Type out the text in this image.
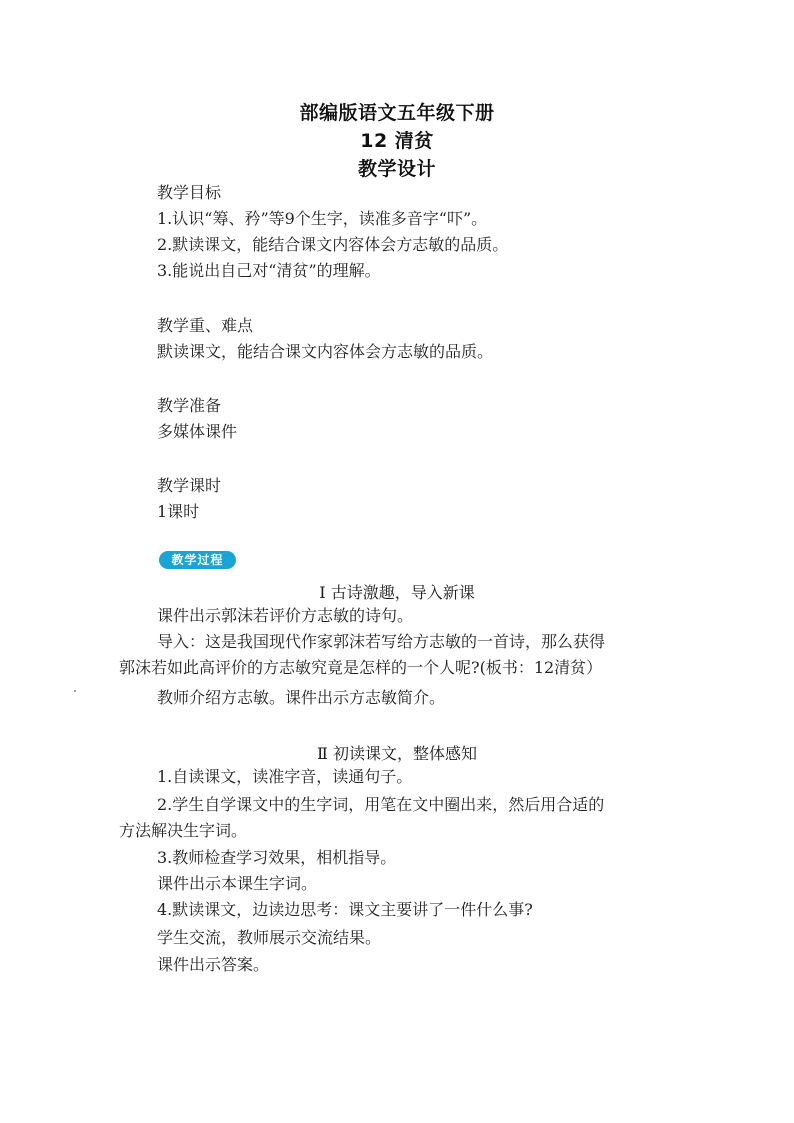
部编版语文五年级下册
12 清贫
教学设计
教学目标
1.认识“筹、矜”等9个生字，读准多音字“吓”。
2.默读课文，能结合课文内容体会方志敏的品质。
3.能说出自己对“清贫”的理解。
教学重、难点
默读课文，能结合课文内容体会方志敏的品质。
教学准备
多媒体课件
教学课时
1课时
教学过程
Ⅰ 古诗激趣，导入新课
课件出示郭沫若评价方志敏的诗句。
导入：这是我国现代作家郭沫若写给方志敏的一首诗，那么获得
郭沫若如此高评价的方志敏究竟是怎样的一个人呢?(板书：12清贫）
教师介绍方志敏。课件出示方志敏简介。
Ⅱ 初读课文，整体感知
1.自读课文，读准字音，读通句子。
2.学生自学课文中的生字词，用笔在文中圈出来，然后用合适的
方法解决生字词。
3.教师检查学习效果，相机指导。
课件出示本课生字词。
4.默读课文，边读边思考：课文主要讲了一件什么事?
学生交流，教师展示交流结果。
课件出示答案。
